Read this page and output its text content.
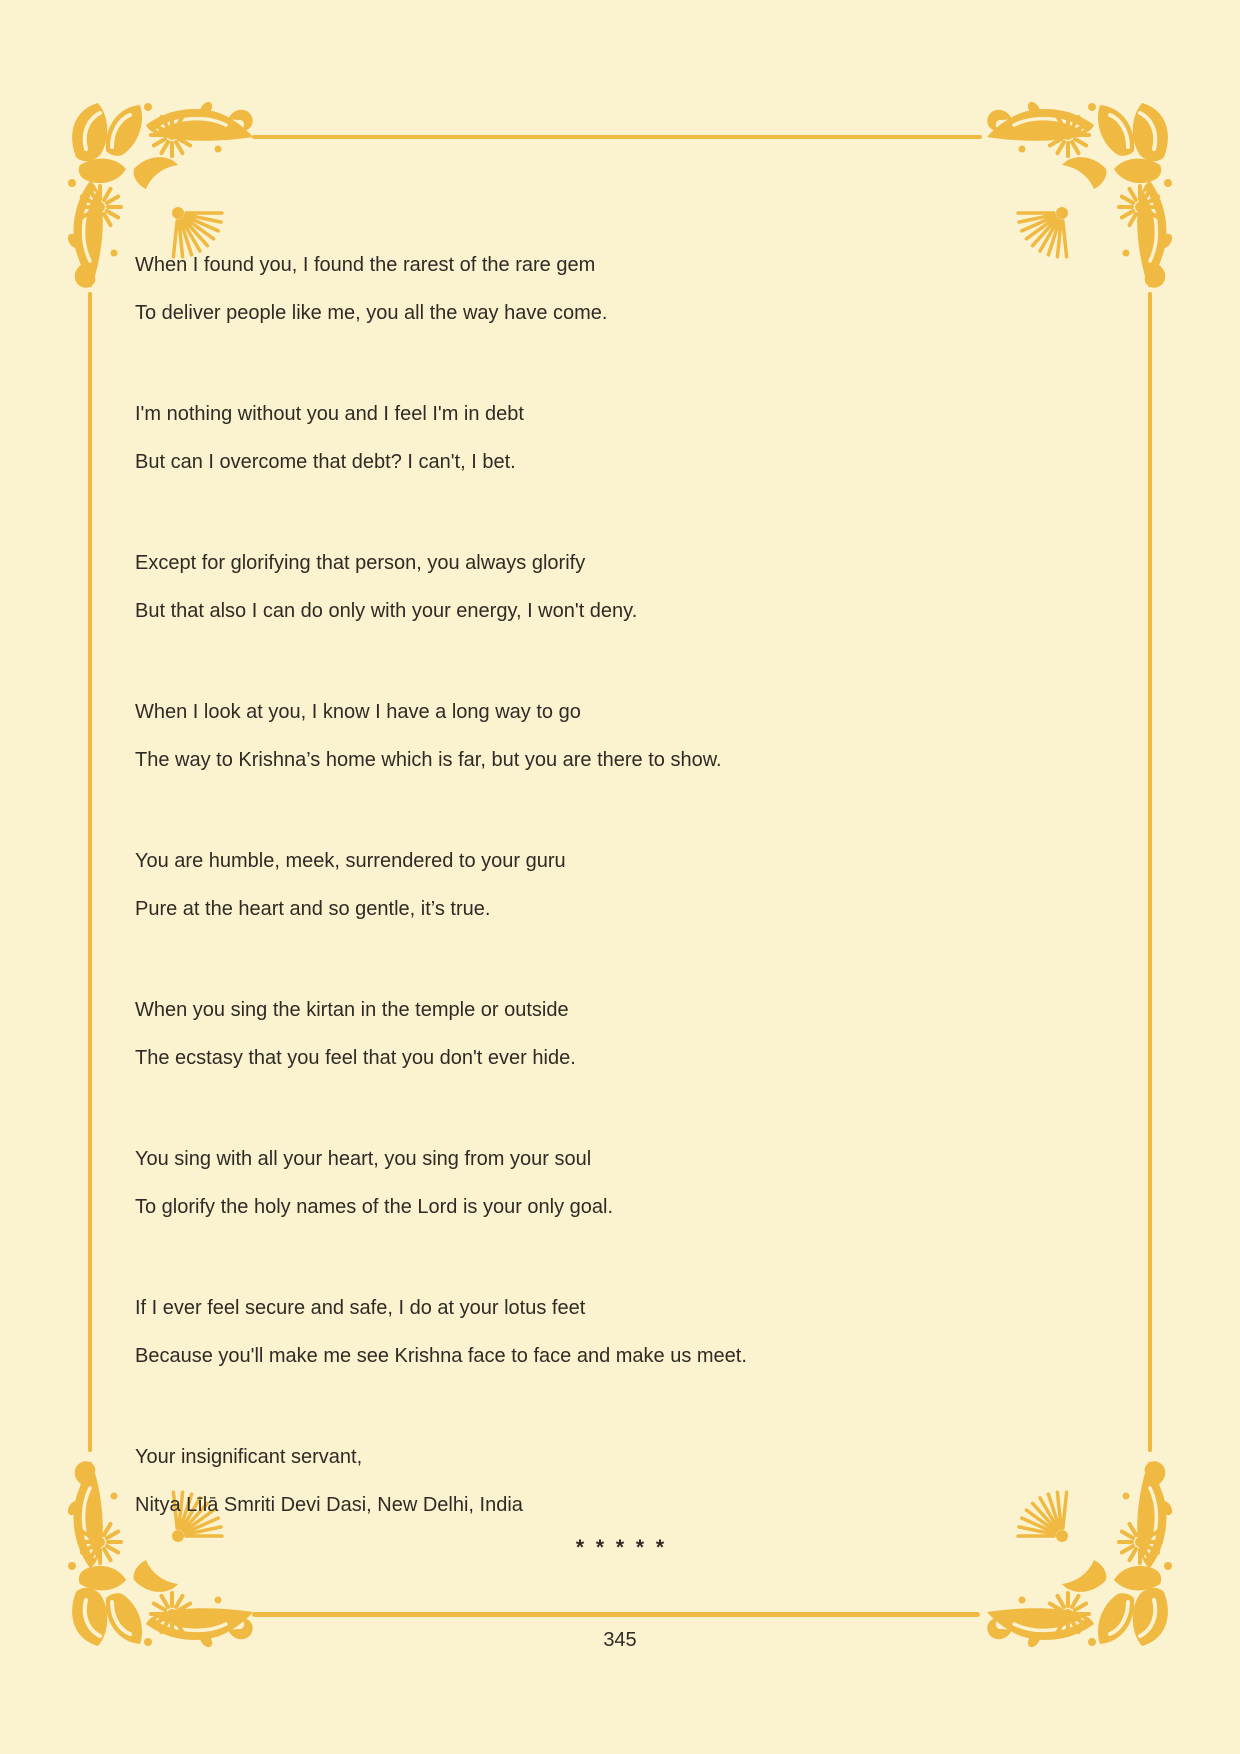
When I found you, I found the rarest of the rare gem

To deliver people like me, you all the way have come.

I'm nothing without you and I feel I'm in debt

But can I overcome that debt? I can't, I bet.

Except for glorifying that person, you always glorify

But that also I can do only with your energy, I won't deny.

When I look at you, I know I have a long way to go

The way to Krishna’s home which is far, but you are there to show.

You are humble, meek, surrendered to your guru

Pure at the heart and so gentle, it’s true.

When you sing the kirtan in the temple or outside

The ecstasy that you feel that you don't ever hide.

You sing with all your heart, you sing from your soul

To glorify the holy names of the Lord is your only goal.

If I ever feel secure and safe, I do at your lotus feet

Because you'll make me see Krishna face to face and make us meet.

Your insignificant servant,

Nitya Līlā Smriti Devi Dasi, New Delhi, India

* * * * *
345
